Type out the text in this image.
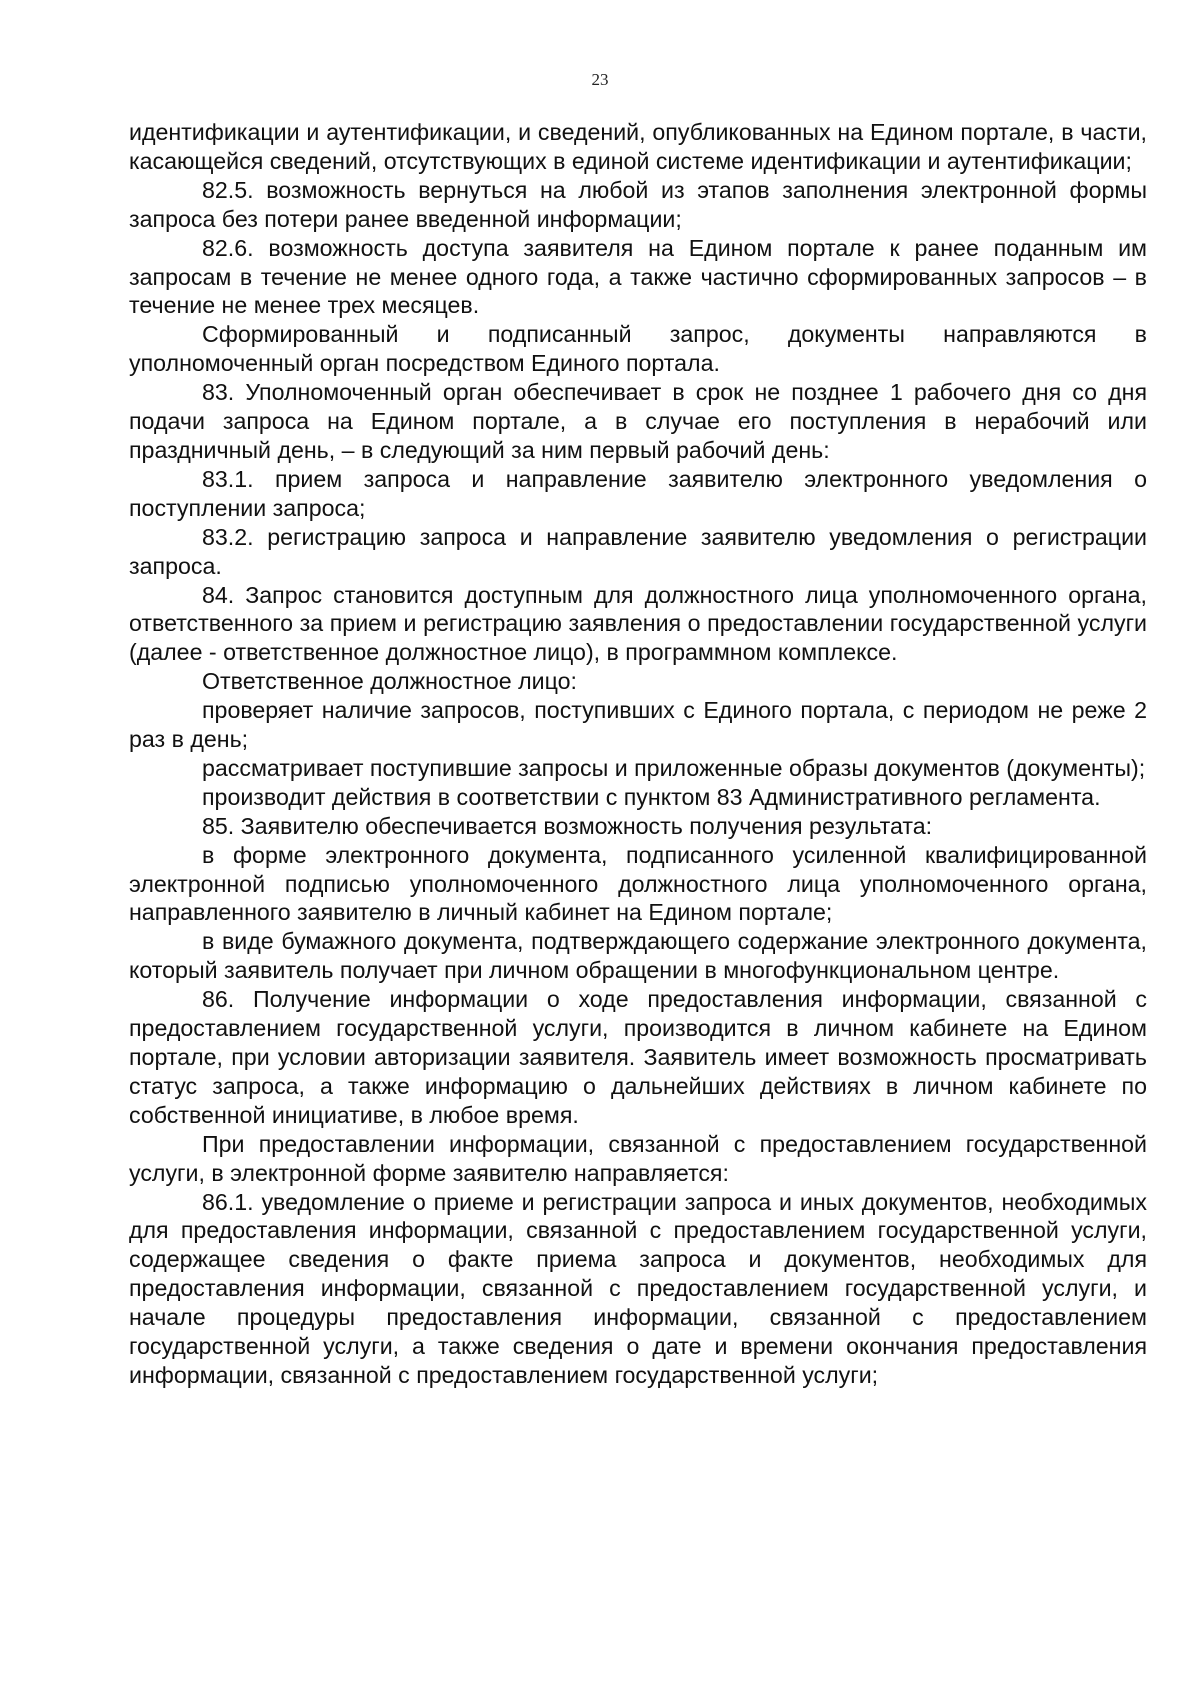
23

идентификации и аутентификации, и сведений, опубликованных на Едином портале, в части, касающейся сведений, отсутствующих в единой системе идентификации и аутентификации;

82.5. возможность вернуться на любой из этапов заполнения электронной формы запроса без потери ранее введенной информации;

82.6. возможность доступа заявителя на Едином портале к ранее поданным им запросам в течение не менее одного года, а также частично сформированных запросов – в течение не менее трех месяцев.

Сформированный и подписанный запрос, документы направляются в уполномоченный орган посредством Единого портала.

83. Уполномоченный орган обеспечивает в срок не позднее 1 рабочего дня со дня подачи запроса на Едином портале, а в случае его поступления в нерабочий или праздничный день, – в следующий за ним первый рабочий день:

83.1. прием запроса и направление заявителю электронного уведомления о поступлении запроса;

83.2. регистрацию запроса и направление заявителю уведомления о регистрации запроса.

84. Запрос становится доступным для должностного лица уполномоченного органа, ответственного за прием и регистрацию заявления о предоставлении государственной услуги (далее - ответственное должностное лицо), в программном комплексе.

Ответственное должностное лицо:

проверяет наличие запросов, поступивших с Единого портала, с периодом не реже 2 раз в день;

рассматривает поступившие запросы и приложенные образы документов (документы);

производит действия в соответствии с пунктом 83 Административного регламента.

85. Заявителю обеспечивается возможность получения результата:

в форме электронного документа, подписанного усиленной квалифицированной электронной подписью уполномоченного должностного лица уполномоченного органа, направленного заявителю в личный кабинет на Едином портале;

в виде бумажного документа, подтверждающего содержание электронного документа, который заявитель получает при личном обращении в многофункциональном центре.

86. Получение информации о ходе предоставления информации, связанной с предоставлением государственной услуги, производится в личном кабинете на Едином портале, при условии авторизации заявителя. Заявитель имеет возможность просматривать статус запроса, а также информацию о дальнейших действиях в личном кабинете по собственной инициативе, в любое время.

При предоставлении информации, связанной с предоставлением государственной услуги, в электронной форме заявителю направляется:

86.1. уведомление о приеме и регистрации запроса и иных документов, необходимых для предоставления информации, связанной с предоставлением государственной услуги, содержащее сведения о факте приема запроса и документов, необходимых для предоставления информации, связанной с предоставлением государственной услуги, и начале процедуры предоставления информации, связанной с предоставлением государственной услуги, а также сведения о дате и времени окончания предоставления информации, связанной с предоставлением государственной услуги;
